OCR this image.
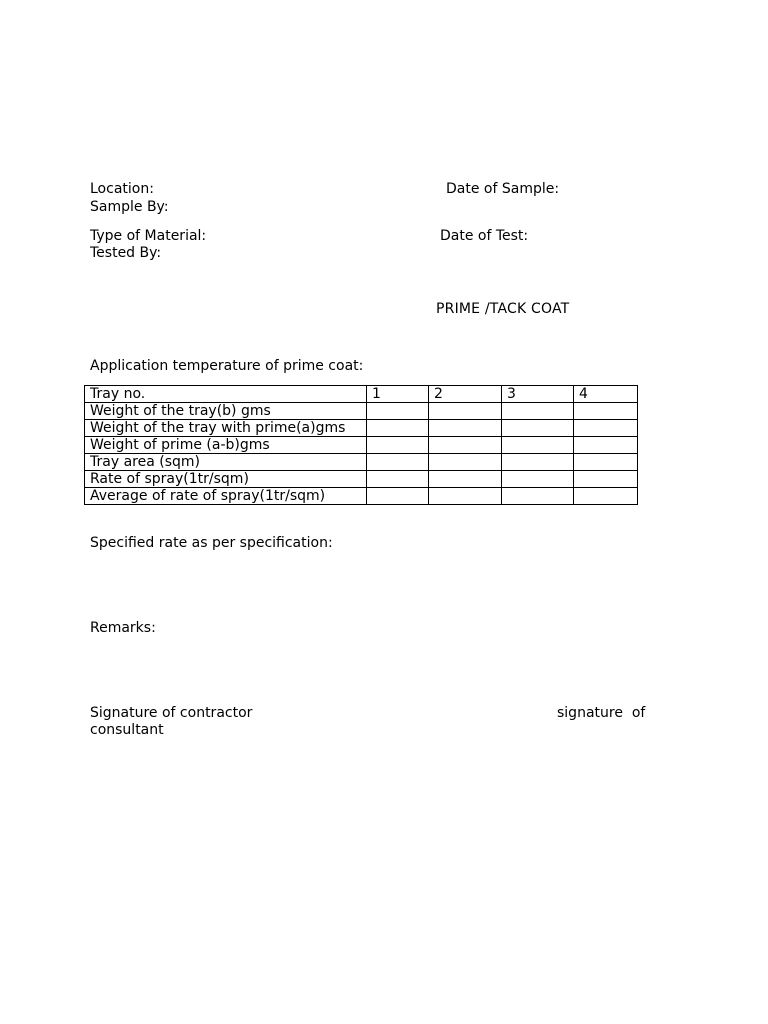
Location:	Date of Sample:
Sample By:
Type of Material:	Date of Test:
Tested By:
PRIME /TACK COAT
Application temperature of prime coat:
Tray no.	1	2	3	4
Weight of the tray(b) gms				
Weight of the tray with prime(a)gms				
Weight of prime (a-b)gms				
Tray area (sqm)				
Rate of spray(1tr/sqm)				
Average of rate of spray(1tr/sqm)				
Specified rate as per specification:
Remarks:
Signature of contractor	signature  of
consultant
